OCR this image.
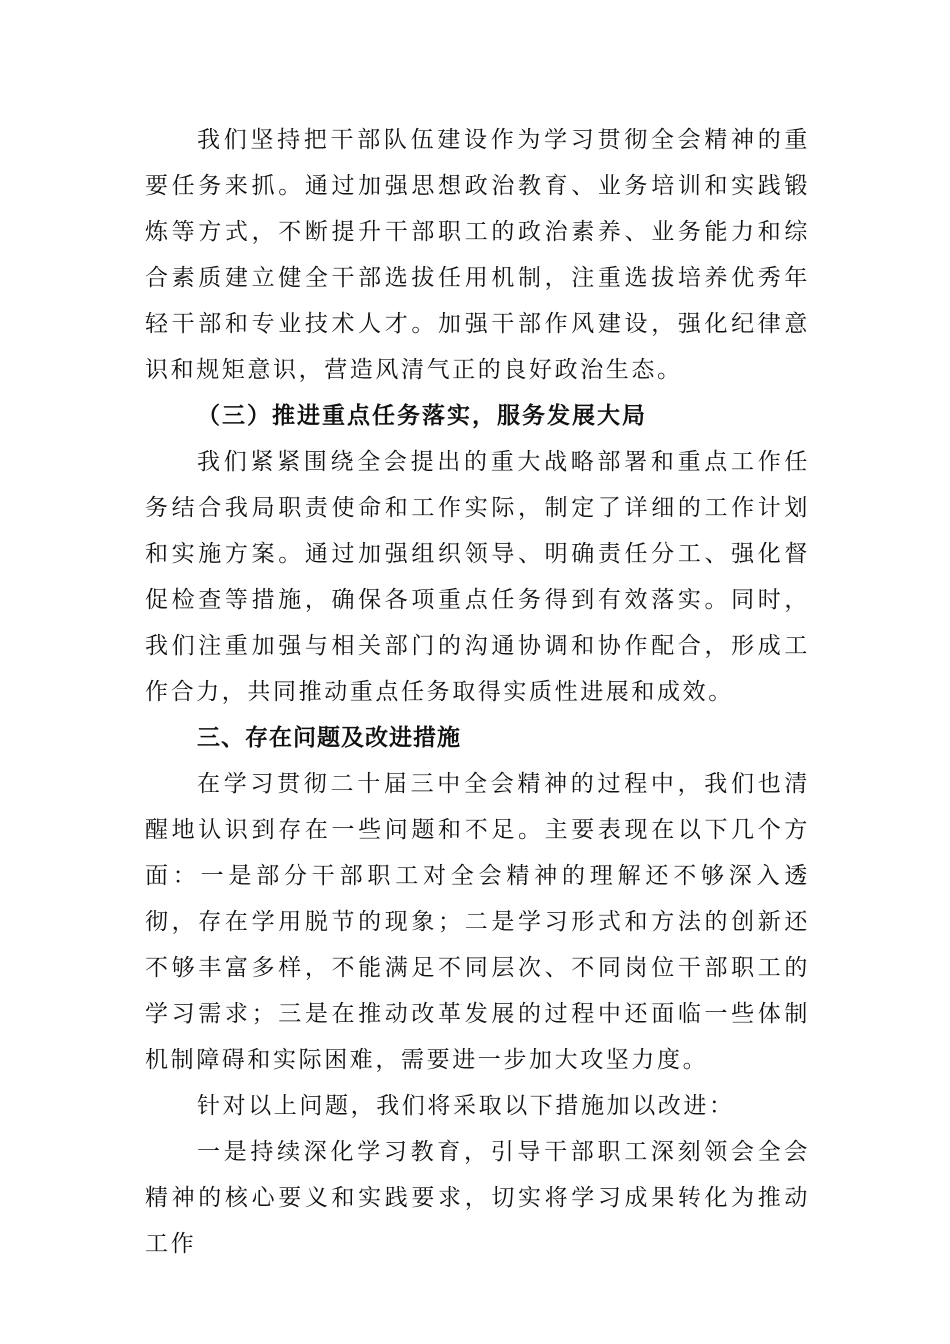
我们坚持把干部队伍建设作为学习贯彻全会精神的重要任务来抓。通过加强思想政治教育、业务培训和实践锻炼等方式，不断提升干部职工的政治素养、业务能力和综合素质建立健全干部选拔任用机制，注重选拔培养优秀年轻干部和专业技术人才。加强干部作风建设，强化纪律意识和规矩意识，营造风清气正的良好政治生态。

（三）推进重点任务落实，服务发展大局

我们紧紧围绕全会提出的重大战略部署和重点工作任务结合我局职责使命和工作实际，制定了详细的工作计划和实施方案。通过加强组织领导、明确责任分工、强化督促检查等措施，确保各项重点任务得到有效落实。同时，我们注重加强与相关部门的沟通协调和协作配合，形成工作合力，共同推动重点任务取得实质性进展和成效。

三、存在问题及改进措施

在学习贯彻二十届三中全会精神的过程中，我们也清醒地认识到存在一些问题和不足。主要表现在以下几个方面：一是部分干部职工对全会精神的理解还不够深入透彻，存在学用脱节的现象；二是学习形式和方法的创新还不够丰富多样，不能满足不同层次、不同岗位干部职工的学习需求；三是在推动改革发展的过程中还面临一些体制机制障碍和实际困难，需要进一步加大攻坚力度。

针对以上问题，我们将采取以下措施加以改进：

一是持续深化学习教育，引导干部职工深刻领会全会精神的核心要义和实践要求，切实将学习成果转化为推动工作
